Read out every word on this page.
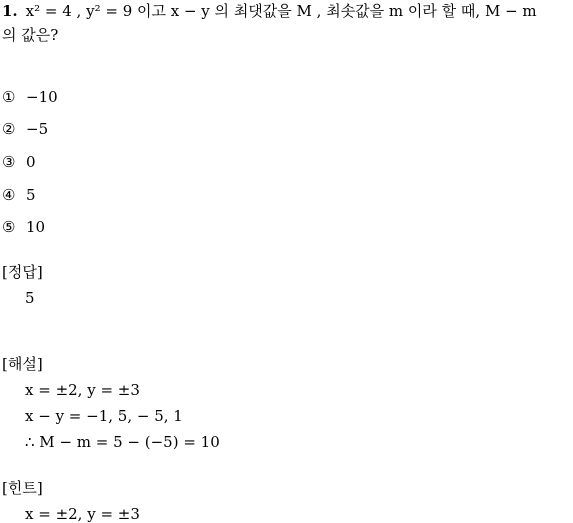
1. x² = 4 , y² = 9 이고 x − y 의 최댓값을 M , 최솟값을 m 이라 할 때, M − m
의 값은?
① −10
② −5
③ 0
④ 5
⑤ 10
[정답]
5
[해설]
x = ±2, y = ±3
x − y = −1, 5, − 5, 1
∴ M − m = 5 − (−5) = 10
[힌트]
x = ±2, y = ±3
